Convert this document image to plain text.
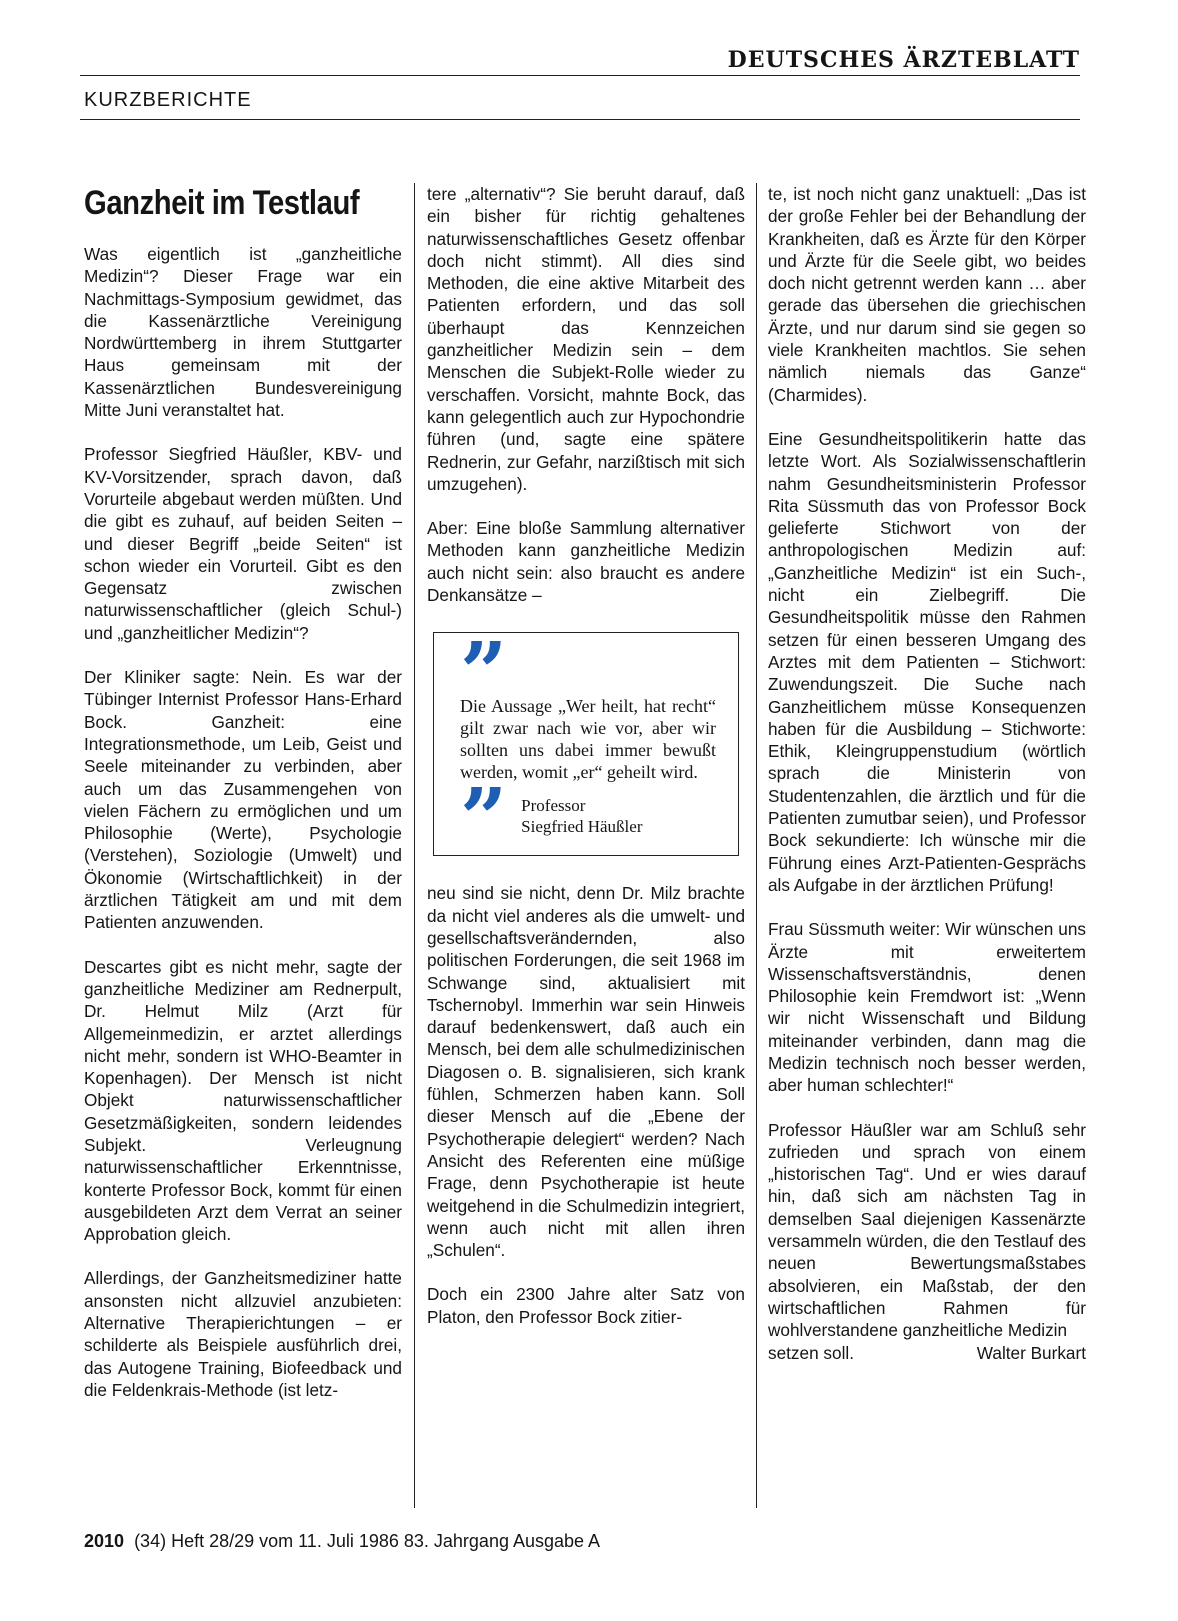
DEUTSCHES ÄRZTEBLATT
KURZBERICHTE
Ganzheit im Testlauf

Was eigentlich ist „ganzheitliche Medizin“? Dieser Frage war ein Nachmittags-Symposium gewidmet, das die Kassenärztliche Vereinigung Nordwürttemberg in ihrem Stuttgarter Haus gemeinsam mit der Kassenärztlichen Bundesvereinigung Mitte Juni veranstaltet hat.

Professor Siegfried Häußler, KBV- und KV-Vorsitzender, sprach davon, daß Vorurteile abgebaut werden müßten. Und die gibt es zuhauf, auf beiden Seiten – und dieser Begriff „beide Seiten“ ist schon wieder ein Vorurteil. Gibt es den Gegensatz zwischen naturwissenschaftlicher (gleich Schul-) und „ganzheitlicher Medizin“?

Der Kliniker sagte: Nein. Es war der Tübinger Internist Professor Hans-Erhard Bock. Ganzheit: eine Integrationsmethode, um Leib, Geist und Seele miteinander zu verbinden, aber auch um das Zusammengehen von vielen Fächern zu ermöglichen und um Philosophie (Werte), Psychologie (Verstehen), Soziologie (Umwelt) und Ökonomie (Wirtschaftlichkeit) in der ärztlichen Tätigkeit am und mit dem Patienten anzuwenden.

Descartes gibt es nicht mehr, sagte der ganzheitliche Mediziner am Rednerpult, Dr. Helmut Milz (Arzt für Allgemeinmedizin, er arztet allerdings nicht mehr, sondern ist WHO-Beamter in Kopenhagen). Der Mensch ist nicht Objekt naturwissenschaftlicher Gesetzmäßigkeiten, sondern leidendes Subjekt. Verleugnung naturwissenschaftlicher Erkenntnisse, konterte Professor Bock, kommt für einen ausgebildeten Arzt dem Verrat an seiner Approbation gleich.

Allerdings, der Ganzheitsmediziner hatte ansonsten nicht allzuviel anzubieten: Alternative Therapierichtungen – er schilderte als Beispiele ausführlich drei, das Autogene Training, Biofeedback und die Feldenkrais-Methode (ist letz-

tere „alternativ“? Sie beruht darauf, daß ein bisher für richtig gehaltenes naturwissenschaftliches Gesetz offenbar doch nicht stimmt). All dies sind Methoden, die eine aktive Mitarbeit des Patienten erfordern, und das soll überhaupt das Kennzeichen ganzheitlicher Medizin sein – dem Menschen die Subjekt-Rolle wieder zu verschaffen. Vorsicht, mahnte Bock, das kann gelegentlich auch zur Hypochondrie führen (und, sagte eine spätere Rednerin, zur Gefahr, narzißtisch mit sich umzugehen).

Aber: Eine bloße Sammlung alternativer Methoden kann ganzheitliche Medizin auch nicht sein: also braucht es andere Denkansätze –

”
Die Aussage „Wer heilt, hat recht“ gilt zwar nach wie vor, aber wir sollten uns dabei immer bewußt werden, womit „er“ geheilt wird.
” Professor
Siegfried Häußler

neu sind sie nicht, denn Dr. Milz brachte da nicht viel anderes als die umwelt- und gesellschaftsverändernden, also politischen Forderungen, die seit 1968 im Schwange sind, aktualisiert mit Tschernobyl. Immerhin war sein Hinweis darauf bedenkenswert, daß auch ein Mensch, bei dem alle schulmedizinischen Diagosen o. B. signalisieren, sich krank fühlen, Schmerzen haben kann. Soll dieser Mensch auf die „Ebene der Psychotherapie delegiert“ werden? Nach Ansicht des Referenten eine müßige Frage, denn Psychotherapie ist heute weitgehend in die Schulmedizin integriert, wenn auch nicht mit allen ihren „Schulen“.

Doch ein 2300 Jahre alter Satz von Platon, den Professor Bock zitier-

te, ist noch nicht ganz unaktuell: „Das ist der große Fehler bei der Behandlung der Krankheiten, daß es Ärzte für den Körper und Ärzte für die Seele gibt, wo beides doch nicht getrennt werden kann … aber gerade das übersehen die griechischen Ärzte, und nur darum sind sie gegen so viele Krankheiten machtlos. Sie sehen nämlich niemals das Ganze“ (Charmides).

Eine Gesundheitspolitikerin hatte das letzte Wort. Als Sozialwissenschaftlerin nahm Gesundheitsministerin Professor Rita Süssmuth das von Professor Bock gelieferte Stichwort von der anthropologischen Medizin auf: „Ganzheitliche Medizin“ ist ein Such-, nicht ein Zielbegriff. Die Gesundheitspolitik müsse den Rahmen setzen für einen besseren Umgang des Arztes mit dem Patienten – Stichwort: Zuwendungszeit. Die Suche nach Ganzheitlichem müsse Konsequenzen haben für die Ausbildung – Stichworte: Ethik, Kleingruppenstudium (wörtlich sprach die Ministerin von Studentenzahlen, die ärztlich und für die Patienten zumutbar seien), und Professor Bock sekundierte: Ich wünsche mir die Führung eines Arzt-Patienten-Gesprächs als Aufgabe in der ärztlichen Prüfung!

Frau Süssmuth weiter: Wir wünschen uns Ärzte mit erweitertem Wissenschaftsverständnis, denen Philosophie kein Fremdwort ist: „Wenn wir nicht Wissenschaft und Bildung miteinander verbinden, dann mag die Medizin technisch noch besser werden, aber human schlechter!“

Professor Häußler war am Schluß sehr zufrieden und sprach von einem „historischen Tag“. Und er wies darauf hin, daß sich am nächsten Tag in demselben Saal diejenigen Kassenärzte versammeln würden, die den Testlauf des neuen Bewertungsmaßstabes absolvieren, ein Maßstab, der den wirtschaftlichen Rahmen für wohlverstandene ganzheitliche Medizin

setzen soll.	Walter Burkart
2010 (34) Heft 28/29 vom 11. Juli 1986 83. Jahrgang Ausgabe A
